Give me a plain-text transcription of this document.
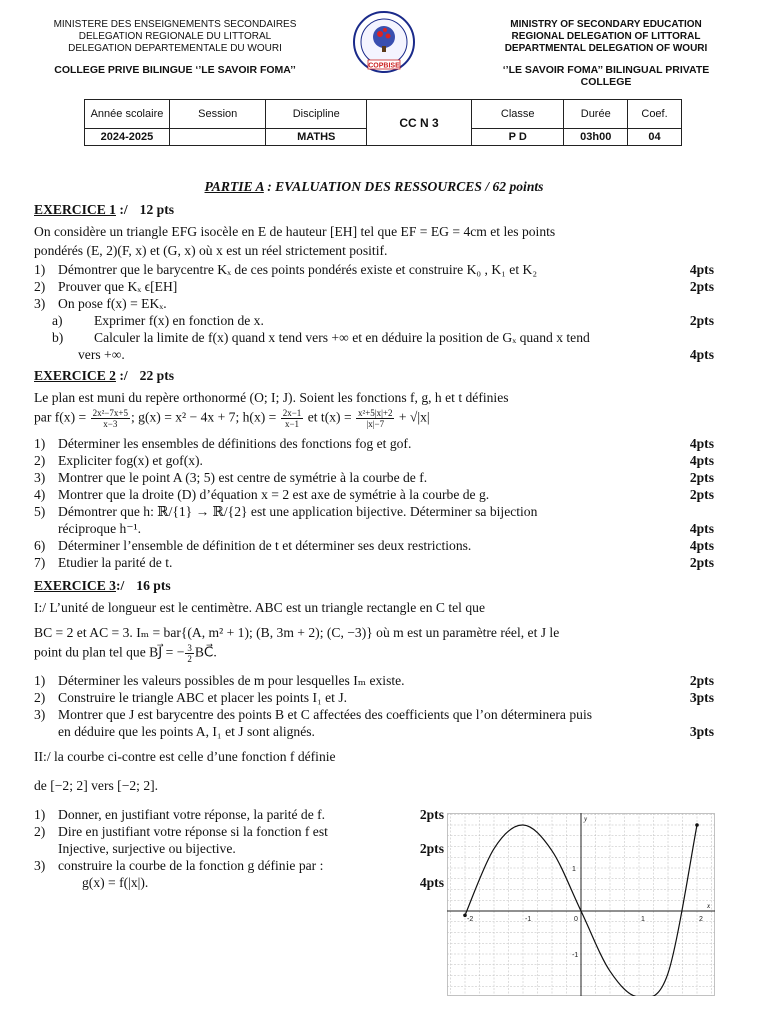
MINISTERE DES ENSEIGNEMENTS SECONDAIRES
DELEGATION REGIONALE DU LITTORAL
DELEGATION DEPARTEMENTALE DU WOURI
COLLEGE PRIVE BILINGUE ‘’LE SAVOIR FOMA’’	COPBISE
MINISTRY OF SECONDARY EDUCATION
REGIONAL DELEGATION OF LITTORAL
DEPARTMENTAL DELEGATION OF WOURI
‘’LE SAVOIR FOMA’’ BILINGUAL PRIVATE COLLEGE
Année scolaire	Session	Discipline	CC N 3	Classe	Durée	Coef.
2024-2025		MATHS		P D	03h00	04
PARTIE A : EVALUATION DES RESSOURCES / 62 points
EXERCICE 1 :/ 12 pts

On considère un triangle EFG isocèle en E de hauteur [EH] tel que EF = EG = 4cm et les points

pondérés (E, 2)(F, x) et (G, x) où x est un réel strictement positif.

1) Démontrer que le barycentre Kₓ de ces points pondérés existe et construire K₀ , K₁ et K₂	4pts
2) Prouver que Kₓ ϵ[EH]	2pts
3) On pose f(x) = EKₓ.
a)	Exprimer f(x) en fonction de x.	2pts
b)	Calculer la limite de f(x) quand x tend vers +∞ et en déduire la position de Gₓ quand x tend
vers +∞.	4pts
EXERCICE 2 :/ 22 pts

Le plan est muni du repère orthonormé (O; I; J). Soient les fonctions f, g, h et t définies

par $f(x) = \frac{\text{2x²−7x+5}}{x-3}$ ; g(x) = x² − 4x + 7; $h(x) = \frac{2x-1}{x-1}$ et $t(x) = \frac{\text{x²+5|x|+2}}{|x|-7} + √|x|$

1) Déterminer les ensembles de définitions des fonctions fog et gof.	4pts
2) Expliciter fog(x) et gof(x).	4pts
3) Montrer que le point A (3; 5) est centre de symétrie à la courbe de f.	2pts
4) Montrer que la droite (D) d’équation x = 2 est axe de symétrie à la courbe de g.	2pts
5) Démontrer que h: ℝ/{1} → ℝ/{2} est une application bijective. Déterminer sa bijection
réciproque h⁻¹.	4pts
6) Déterminer l’ensemble de définition de t et déterminer ses deux restrictions.	4pts
7) Etudier la parité de t.	2pts
EXERCICE 3:/ 16 pts

I:/ L’unité de longueur est le centimètre. ABC est un triangle rectangle en C tel que

BC = 2 et AC = 3. Iₘ = bar{(A, m² + 1); (B, 3m + 2); (C, −3)} où m est un paramètre réel, et J le

point du plan tel que BJ⃗ = − $\frac{3}{2}$ BC⃗.

1) Déterminer les valeurs possibles de m pour lesquelles Iₘ existe.	2pts
2) Construire le triangle ABC et placer les points I₁ et J.	3pts
3) Montrer que J est barycentre des points B et C affectées des coefficients que l’on déterminera puis
en déduire que les points A, I₁ et J sont alignés.	3pts

II:/ la courbe ci-contre est celle d’une fonction f définie

de [−2; 2] vers [−2; 2].

1) Donner, en justifiant votre réponse, la parité de f.	2pts
2) Dire en justifiant votre réponse si la fonction f est
Injective, surjective ou bijective.	2pts
3) construire la courbe de la fonction g définie par :
g(x) = f(|x|).	4pts
-2	-1	0	1	2
1
-1
x
y
